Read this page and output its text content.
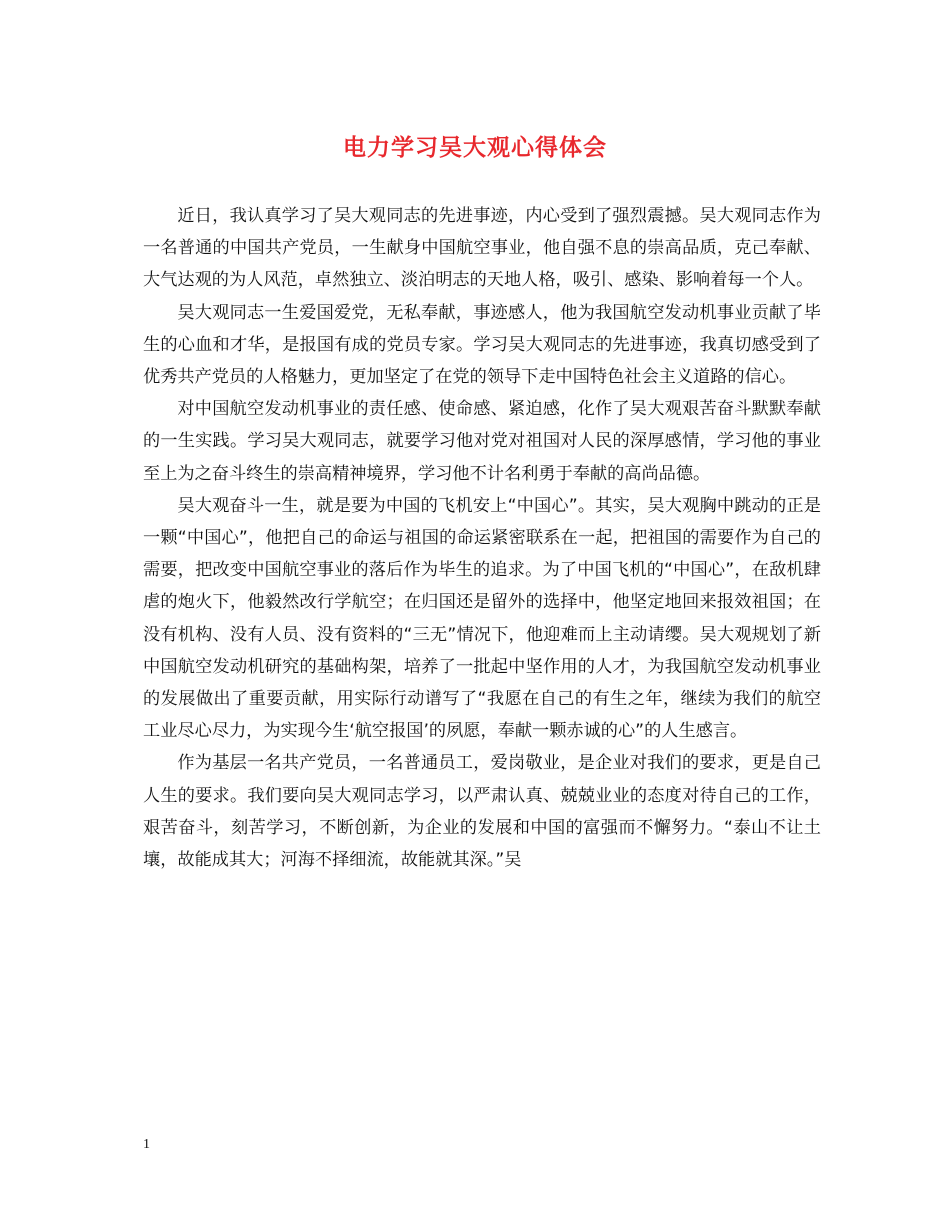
电力学习吴大观心得体会

近日，我认真学习了吴大观同志的先进事迹，内心受到了强烈震撼。吴大观同志作为一名普通的中国共产党员，一生献身中国航空事业，他自强不息的崇高品质，克己奉献、大气达观的为人风范，卓然独立、淡泊明志的天地人格，吸引、感染、影响着每一个人。

吴大观同志一生爱国爱党，无私奉献，事迹感人，他为我国航空发动机事业贡献了毕生的心血和才华，是报国有成的党员专家。学习吴大观同志的先进事迹，我真切感受到了优秀共产党员的人格魅力，更加坚定了在党的领导下走中国特色社会主义道路的信心。

对中国航空发动机事业的责任感、使命感、紧迫感，化作了吴大观艰苦奋斗默默奉献的一生实践。学习吴大观同志，就要学习他对党对祖国对人民的深厚感情，学习他的事业至上为之奋斗终生的崇高精神境界，学习他不计名利勇于奉献的高尚品德。

吴大观奋斗一生，就是要为中国的飞机安上“中国心”。其实，吴大观胸中跳动的正是一颗“中国心”，他把自己的命运与祖国的命运紧密联系在一起，把祖国的需要作为自己的需要，把改变中国航空事业的落后作为毕生的追求。为了中国飞机的“中国心”，在敌机肆虐的炮火下，他毅然改行学航空；在归国还是留外的选择中，他坚定地回来报效祖国；在没有机构、没有人员、没有资料的“三无”情况下，他迎难而上主动请缨。吴大观规划了新中国航空发动机研究的基础构架，培养了一批起中坚作用的人才，为我国航空发动机事业的发展做出了重要贡献，用实际行动谱写了“我愿在自己的有生之年，继续为我们的航空工业尽心尽力，为实现今生‘航空报国’的夙愿，奉献一颗赤诚的心”的人生感言。

作为基层一名共产党员，一名普通员工，爱岗敬业，是企业对我们的要求，更是自己人生的要求。我们要向吴大观同志学习，以严肃认真、兢兢业业的态度对待自己的工作，艰苦奋斗，刻苦学习，不断创新，为企业的发展和中国的富强而不懈努力。“泰山不让土壤，故能成其大；河海不择细流，故能就其深。”吴

1
